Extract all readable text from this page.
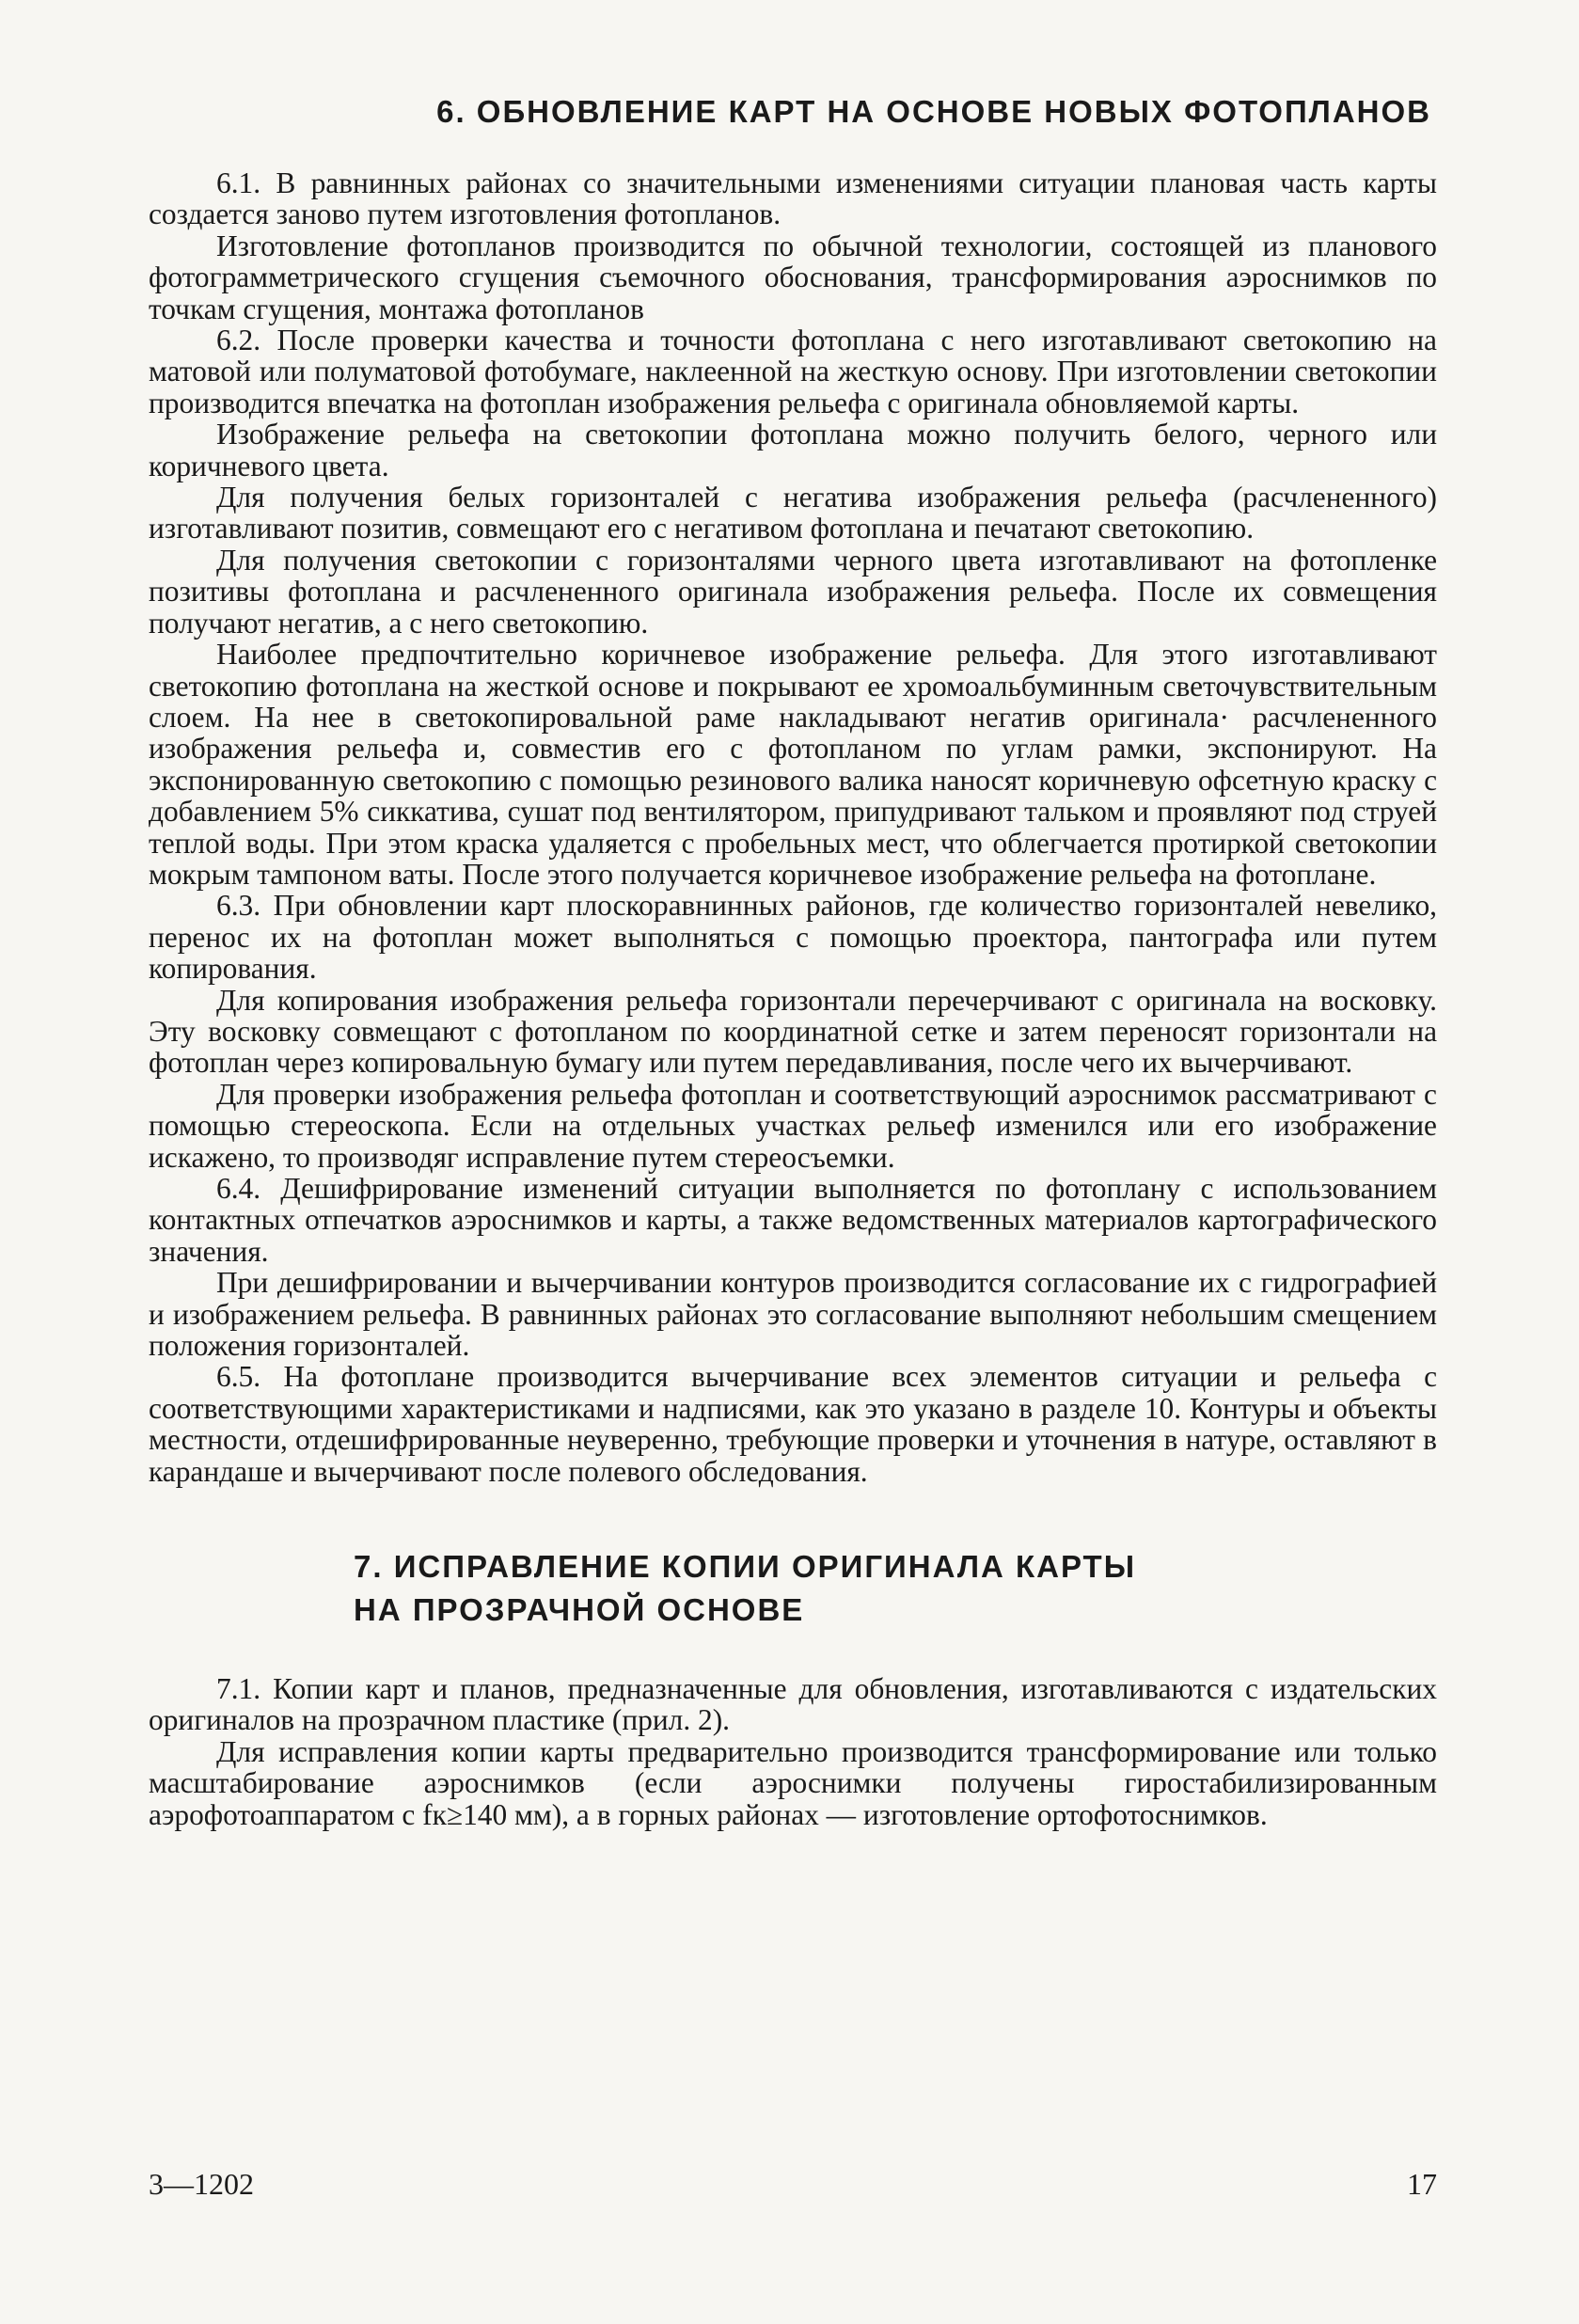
6. ОБНОВЛЕНИЕ КАРТ НА ОСНОВЕ НОВЫХ ФОТОПЛАНОВ

6.1. В равнинных районах со значительными изменениями ситуации плановая часть карты создается заново путем изготовления фотопланов.

Изготовление фотопланов производится по обычной технологии, состоящей из планового фотограмметрического сгущения съемочного обоснования, трансформирования аэроснимков по точкам сгущения, монтажа фотопланов

6.2. После проверки качества и точности фотоплана с него изготавливают светокопию на матовой или полуматовой фотобумаге, наклеенной на жесткую основу. При изготовлении светокопии производится впечатка на фотоплан изображения рельефа с оригинала обновляемой карты.

Изображение рельефа на светокопии фотоплана можно получить белого, черного или коричневого цвета.

Для получения белых горизонталей с негатива изображения рельефа (расчлененного) изготавливают позитив, совмещают его с негативом фотоплана и печатают светокопию.

Для получения светокопии с горизонталями черного цвета изготавливают на фотопленке позитивы фотоплана и расчлененного оригинала изображения рельефа. После их совмещения получают негатив, а с него светокопию.

Наиболее предпочтительно коричневое изображение рельефа. Для этого изготавливают светокопию фотоплана на жесткой основе и покрывают ее хромоальбуминным светочувствительным слоем. На нее в светокопировальной раме накладывают негатив оригинала· расчлененного изображения рельефа и, совместив его с фотопланом по углам рамки, экспонируют. На экспонированную светокопию с помощью резинового валика наносят коричневую офсетную краску с добавлением 5% сиккатива, сушат под вентилятором, припудривают тальком и проявляют под струей теплой воды. При этом краска удаляется с пробельных мест, что облегчается протиркой светокопии мокрым тампоном ваты. После этого получается коричневое изображение рельефа на фотоплане.

6.3. При обновлении карт плоскоравнинных районов, где количество горизонталей невелико, перенос их на фотоплан может выполняться с помощью проектора, пантографа или путем копирования.

Для копирования изображения рельефа горизонтали перечерчивают с оригинала на восковку. Эту восковку совмещают с фотопланом по координатной сетке и затем переносят горизонтали на фотоплан через копировальную бумагу или путем передавливания, после чего их вычерчивают.

Для проверки изображения рельефа фотоплан и соответствующий аэроснимок рассматривают с помощью стереоскопа. Если на отдельных участках рельеф изменился или его изображение искажено, то производяг исправление путем стереосъемки.

6.4. Дешифрирование изменений ситуации выполняется по фотоплану с использованием контактных отпечатков аэроснимков и карты, а также ведомственных материалов картографического значения.

При дешифрировании и вычерчивании контуров производится согласование их с гидрографией и изображением рельефа. В равнинных районах это согласование выполняют небольшим смещением положения горизонталей.

6.5. На фотоплане производится вычерчивание всех элементов ситуации и рельефа с соответствующими характеристиками и надписями, как это указано в разделе 10. Контуры и объекты местности, отдешифрированные неуверенно, требующие проверки и уточнения в натуре, оставляют в карандаше и вычерчивают после полевого обследования.

7. ИСПРАВЛЕНИЕ КОПИИ ОРИГИНАЛА КАРТЫ
НА ПРОЗРАЧНОЙ ОСНОВЕ

7.1. Копии карт и планов, предназначенные для обновления, изготавливаются с издательских оригиналов на прозрачном пластике (прил. 2).

Для исправления копии карты предварительно производится трансформирование или только масштабирование аэроснимков (если аэроснимки получены гиростабилизированным аэрофотоаппаратом с fк≥140 мм), а в горных районах — изготовление ортофотоснимков.

3—1202	17
